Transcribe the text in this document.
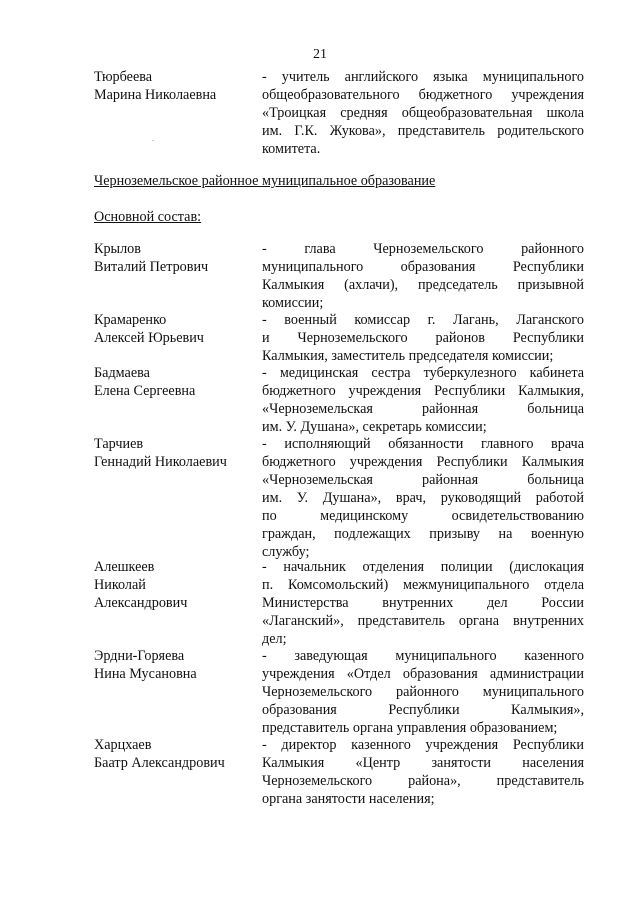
21
Тюрбеева
Марина Николаевна
- учитель английского языка муниципального
общеобразовательного бюджетного учреждения
«Троицкая средняя общеобразовательная школа
им. Г.К. Жукова», представитель родительского
комитета.
.
Черноземельское районное муниципальное образование
Основной состав:
Крылов
Виталий Петрович
- глава Черноземельского районного
муниципального образования Республики
Калмыкия (ахлачи), председатель призывной
комиссии;
Крамаренко
Алексей Юрьевич
- военный комиссар г. Лагань, Лаганского
и Черноземельского районов Республики
Калмыкия, заместитель председателя комиссии;
Бадмаева
Елена Сергеевна
- медицинская сестра туберкулезного кабинета
бюджетного учреждения Республики Калмыкия,
«Черноземельская районная больница
им. У. Душана», секретарь комиссии;
Тарчиев
Геннадий Николаевич
- исполняющий обязанности главного врача
бюджетного учреждения Республики Калмыкия
«Черноземельская районная больница
им. У. Душана», врач, руководящий работой
по медицинскому освидетельствованию
граждан, подлежащих призыву на военную
службу;
Алешкеев
Николай
Александрович
- начальник отделения полиции (дислокация
п. Комсомольский) межмуниципального отдела
Министерства внутренних дел России
«Лаганский», представитель органа внутренних
дел;
Эрдни-Горяева
Нина Мусановна
- заведующая муниципального казенного
учреждения «Отдел образования администрации
Черноземельского районного муниципального
образования Республики Калмыкия»,
представитель органа управления образованием;
Харцхаев
Баатр Александрович
- директор казенного учреждения Республики
Калмыкия «Центр занятости населения
Черноземельского района», представитель
органа занятости населения;
